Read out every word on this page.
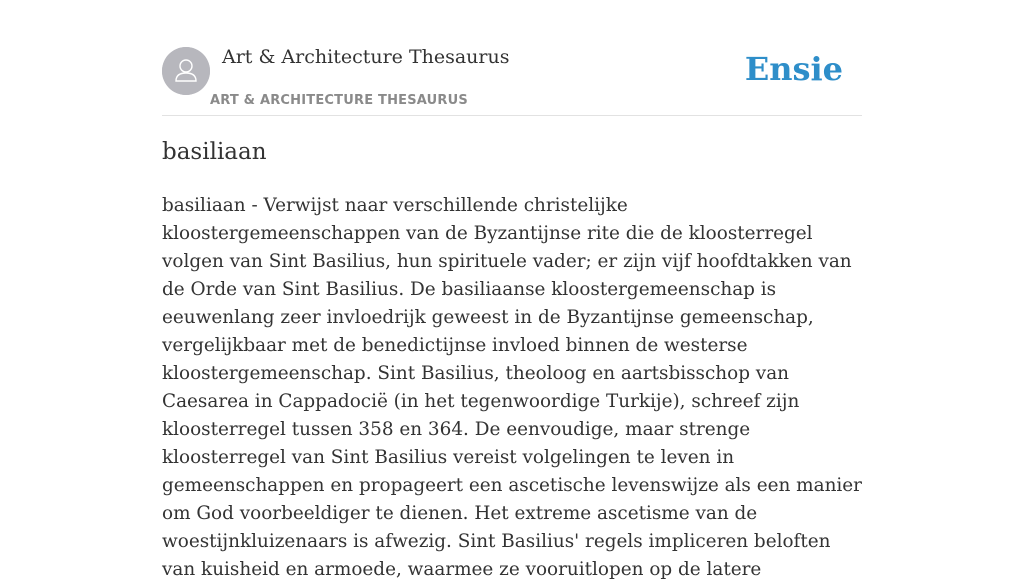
Art & Architecture Thesaurus
ART & ARCHITECTURE THESAURUS
Ensie
basiliaan

basiliaan - Verwijst naar verschillende christelijke kloostergemeenschappen van de Byzantijnse rite die de kloosterregel volgen van Sint Basilius, hun spirituele vader; er zijn vijf hoofdtakken van de Orde van Sint Basilius. De basiliaanse kloostergemeenschap is eeuwenlang zeer invloedrijk geweest in de Byzantijnse gemeenschap, vergelijkbaar met de benedictijnse invloed binnen de westerse kloostergemeenschap. Sint Basilius, theoloog en aartsbisschop van Caesarea in Cappadocië (in het tegenwoordige Turkije), schreef zijn kloosterregel tussen 358 en 364. De eenvoudige, maar strenge kloosterregel van Sint Basilius vereist volgelingen te leven in gemeenschappen en propageert een ascetische levenswijze als een manier om God voorbeeldiger te dienen. Het extreme ascetisme van de woestijnkluizenaars is afwezig. Sint Basilius' regels impliceren beloften van kuisheid en armoede, waarmee ze vooruitlopen op de latere
